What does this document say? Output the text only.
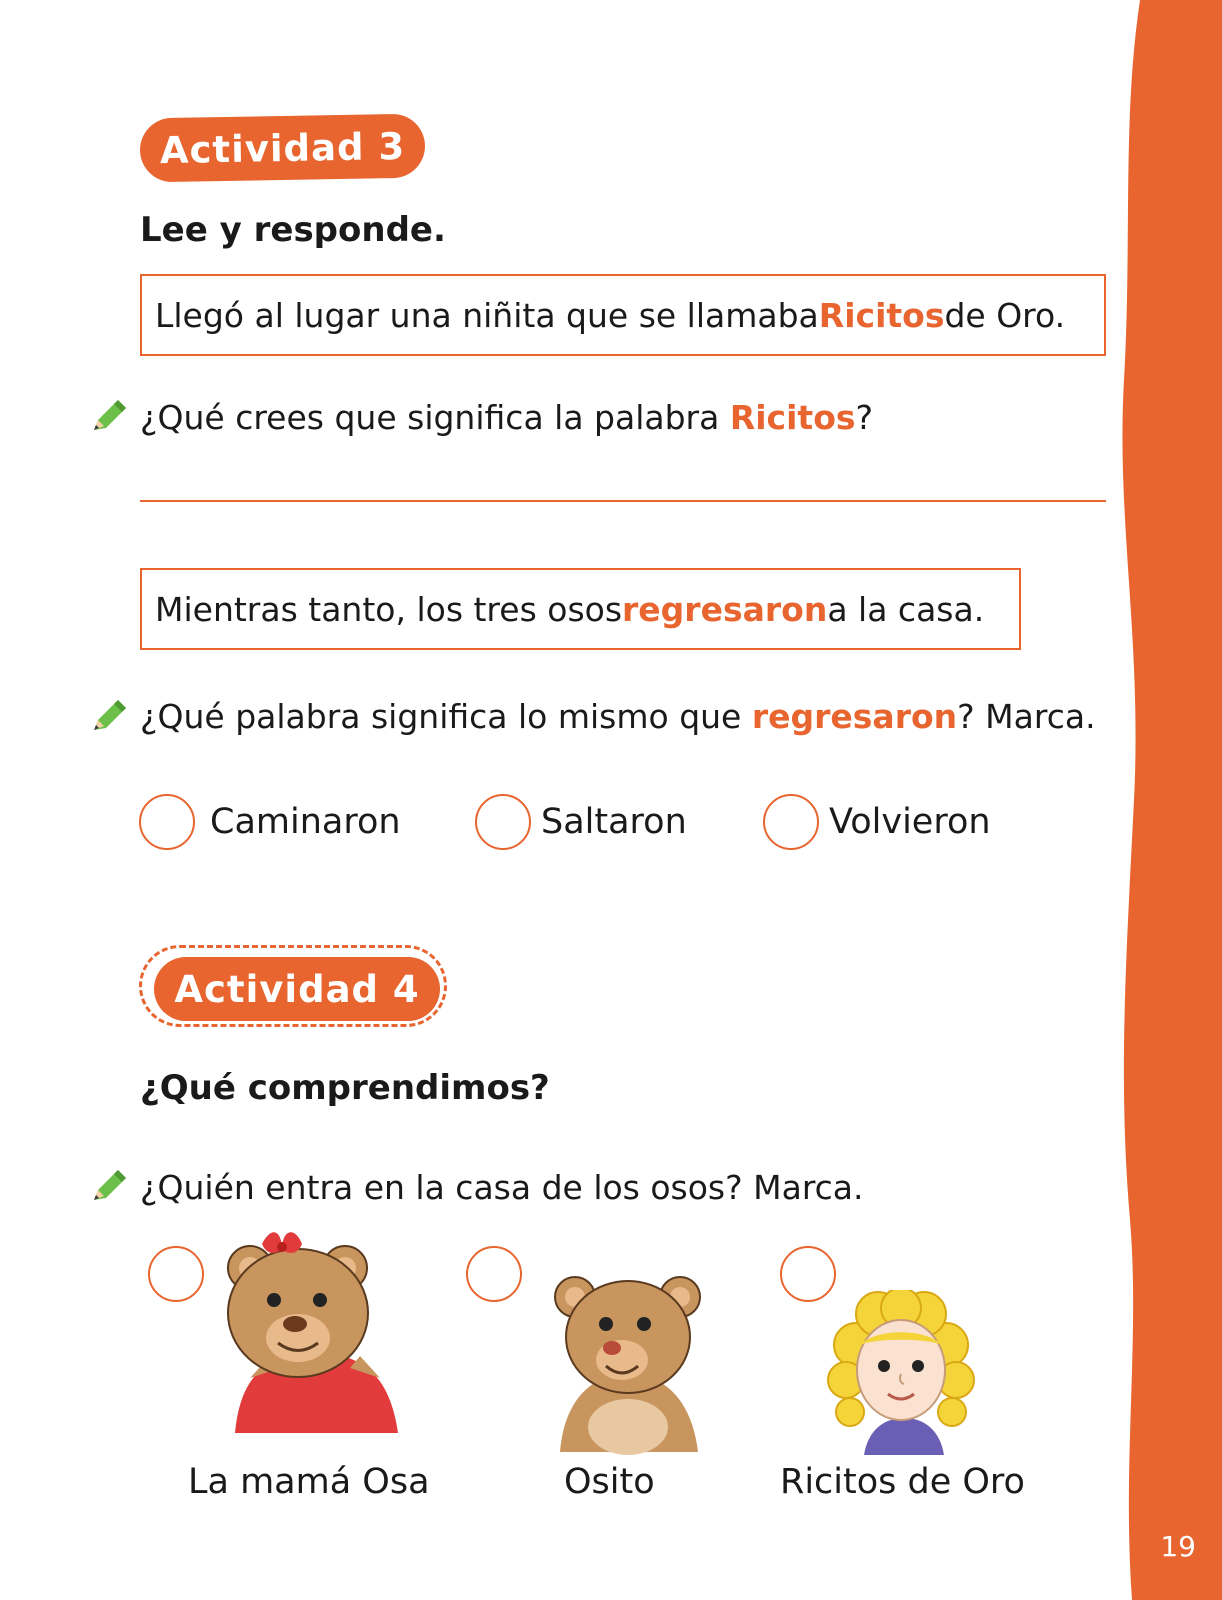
19
Actividad 3
Lee y responde.
Llegó al lugar una niñita que se llamaba Ricitos de Oro.
¿Qué crees que significa la palabra Ricitos?
Mientras tanto, los tres osos regresaron a la casa.
¿Qué palabra significa lo mismo que regresaron? Marca.
Caminaron	Saltaron	Volvieron
Actividad 4
¿Qué comprendimos?
¿Quién entra en la casa de los osos? Marca.
La mamá Osa	Osito	Ricitos de Oro
